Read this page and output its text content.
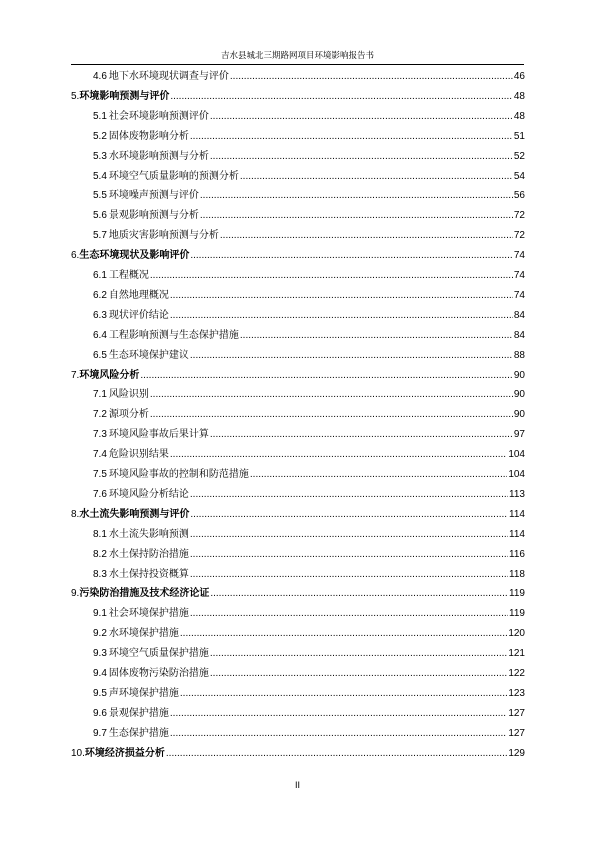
吉水县城北三期路网项目环境影响报告书
4.6 地下水环境现状调查与评价 .....	46
5. 环境影响预测与评价 .....	48
5.1 社会环境影响预测评价 .....	48
5.2 固体废物影响分析 .....	51
5.3 水环境影响预测与分析 .....	52
5.4 环境空气质量影响的预测分析 .....	54
5.5 环境噪声预测与评价 .....	56
5.6 景观影响预测与分析 .....	72
5.7 地质灾害影响预测与分析 .....	72
6. 生态环境现状及影响评价 .....	74
6.1 工程概况 .....	74
6.2 自然地理概况 .....	74
6.3 现状评价结论 .....	84
6.4 工程影响预测与生态保护措施 .....	84
6.5 生态环境保护建议 .....	88
7. 环境风险分析 .....	90
7.1 风险识别 .....	90
7.2 源项分析 .....	90
7.3 环境风险事故后果计算 .....	97
7.4 危险识别结果 .....	104
7.5 环境风险事故的控制和防范措施 .....	104
7.6 环境风险分析结论 .....	113
8. 水土流失影响预测与评价 .....	114
8.1 水土流失影响预测 .....	114
8.2 水土保持防治措施 .....	116
8.3 水土保持投资概算 .....	118
9. 污染防治措施及技术经济论证 .....	119
9.1 社会环境保护措施 .....	119
9.2 水环境保护措施 .....	120
9.3 环境空气质量保护措施 .....	121
9.4 固体废物污染防治措施 .....	122
9.5 声环境保护措施 .....	123
9.6 景观保护措施 .....	127
9.7 生态保护措施 .....	127
10. 环境经济损益分析 .....	129
II
